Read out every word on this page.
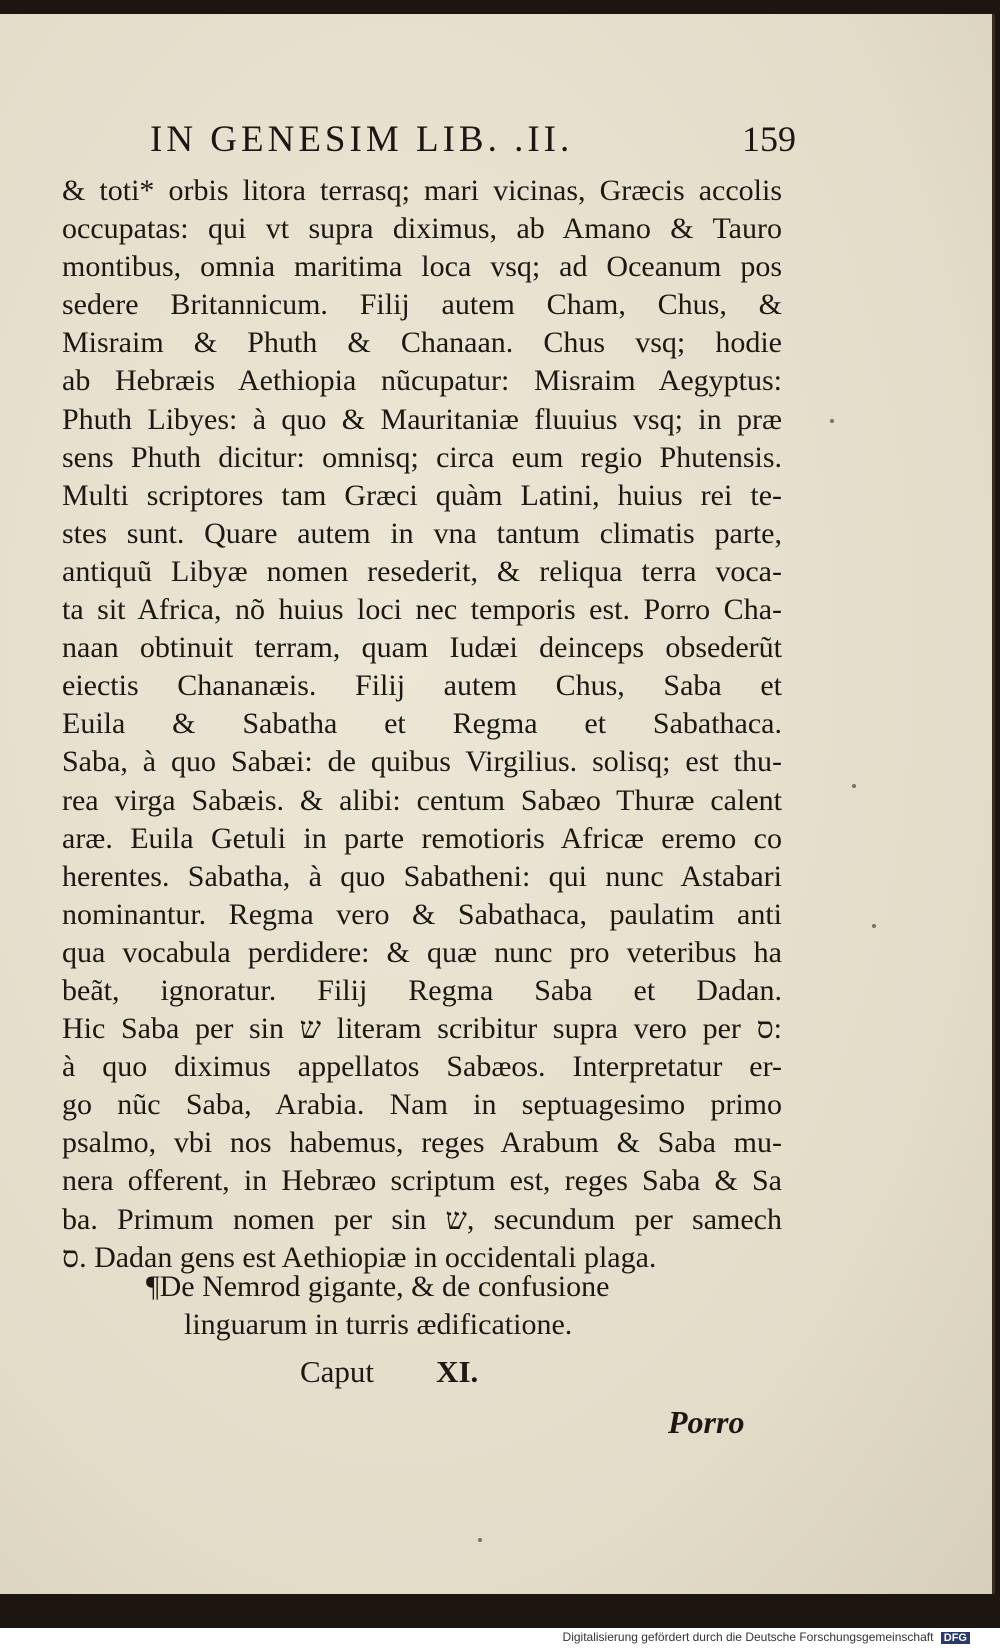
IN GENESIM LIB. .II.	159
& toti* orbis litora terrasq; mari vicinas, Græcis accolis
occupatas: qui vt supra diximus, ab Amano & Tauro
montibus, omnia maritima loca vsq; ad Oceanum pos
sedere Britannicum. Filij autem Cham, Chus, &
Misraim & Phuth & Chanaan. Chus vsq; hodie
ab Hebræis Aethiopia nũcupatur: Misraim Aegyptus:
Phuth Libyes: à quo & Mauritaniæ fluuius vsq; in præ
sens Phuth dicitur: omnisq; circa eum regio Phutensis.
Multi scriptores tam Græci quàm Latini, huius rei te-
stes sunt. Quare autem in vna tantum climatis parte,
antiquũ Libyæ nomen resederit, & reliqua terra voca-
ta sit Africa, nõ huius loci nec temporis est. Porro Cha-
naan obtinuit terram, quam Iudæi deinceps obsederũt
eiectis Chananæis. Filij autem Chus, Saba et
Euila & Sabatha et Regma et Sabathaca.
Saba, à quo Sabæi: de quibus Virgilius. solisq; est thu-
rea virga Sabæis. & alibi: centum Sabæo Thuræ calent
aræ. Euila Getuli in parte remotioris Africæ eremo co
herentes. Sabatha, à quo Sabatheni: qui nunc Astabari
nominantur. Regma vero & Sabathaca, paulatim anti
qua vocabula perdidere: & quæ nunc pro veteribus ha
beãt, ignoratur. Filij Regma Saba et Dadan.
Hic Saba per sin ש literam scribitur supra vero per ס:
à quo diximus appellatos Sabæos. Interpretatur er-
go nũc Saba, Arabia. Nam in septuagesimo primo
psalmo, vbi nos habemus, reges Arabum & Saba mu-
nera offerent, in Hebræo scriptum est, reges Saba & Sa
ba. Primum nomen per sin ש, secundum per samech
ס. Dadan gens est Aethiopiæ in occidentali plaga.
¶De Nemrod gigante, & de confusione
linguarum in turris ædificatione.
Caput XI.
Porro
Digitalisierung gefördert durch die Deutsche Forschungsgemeinschaft DFG
